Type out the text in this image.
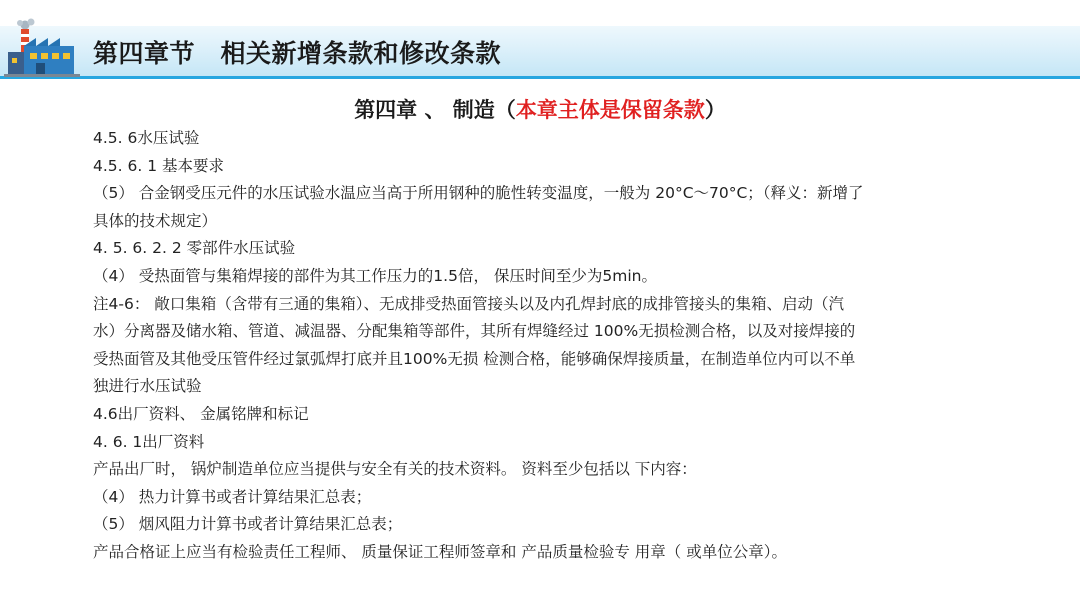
第四章节　相关新增条款和修改条款
第四章 、 制造（本章主体是保留条款）
4.5. 6水压试验
4.5. 6. 1 基本要求
（5） 合金钢受压元件的水压试验水温应当高于所用钢种的脆性转变温度，一般为 20°C〜70°C；（释义：新增了
具体的技术规定）
4. 5. 6. 2. 2 零部件水压试验
（4） 受热面管与集箱焊接的部件为其工作压力的1.5倍， 保压时间至少为5min。
注4-6： 敞口集箱（含带有三通的集箱）、无成排受热面管接头以及内孔焊封底的成排管接头的集箱、启动（汽
水）分离器及储水箱、管道、减温器、分配集箱等部件，其所有焊缝经过 100%无损检测合格，以及对接焊接的
受热面管及其他受压管件经过氯弧焊打底并且100%无损 检测合格，能够确保焊接质量，在制造单位内可以不单
独进行水压试验
4.6出厂资料、 金属铭牌和标记
4. 6. 1出厂资料
产品出厂时， 锅炉制造单位应当提供与安全有关的技术资料。 资料至少包括以 下内容：
（4） 热力计算书或者计算结果汇总表；
（5） 烟风阻力计算书或者计算结果汇总表；
产品合格证上应当有检验责任工程师、 质量保证工程师签章和 产品质量检验专 用章（ 或单位公章）。
